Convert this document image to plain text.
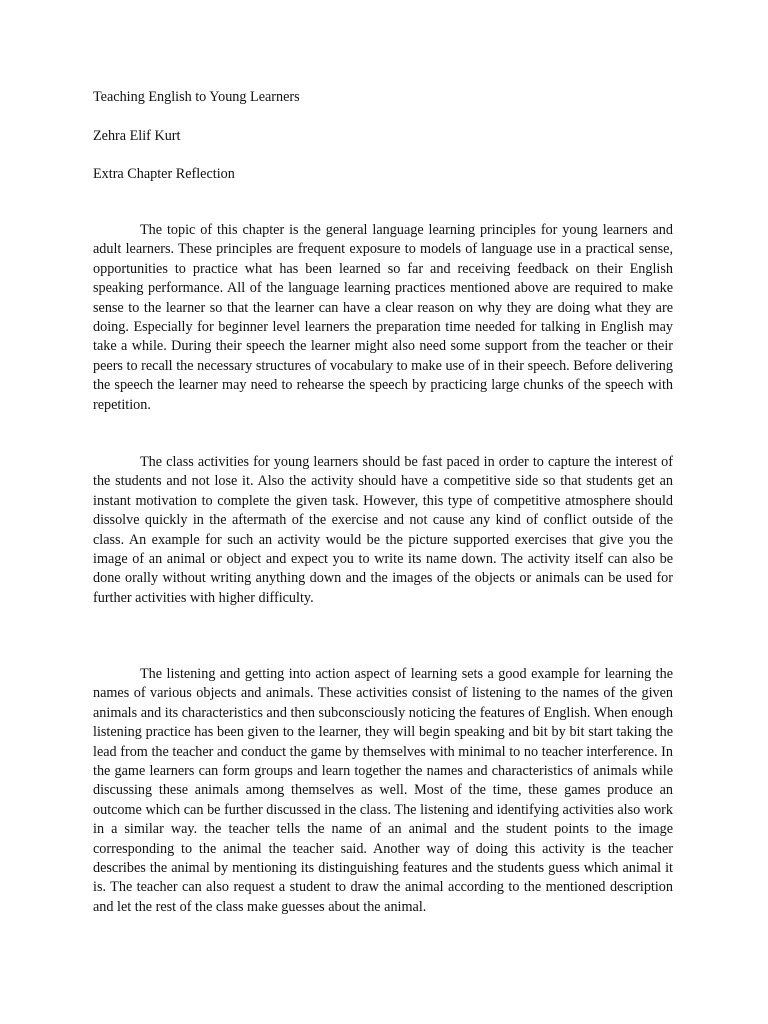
Teaching English to Young Learners
Zehra Elif Kurt
Extra Chapter Reflection

The topic of this chapter is the general language learning principles for young learners and adult learners. These principles are frequent exposure to models of language use in a practical sense, opportunities to practice what has been learned so far and receiving feedback on their English speaking performance. All of the language learning practices mentioned above are required to make sense to the learner so that the learner can have a clear reason on why they are doing what they are doing. Especially for beginner level learners the preparation time needed for talking in English may take a while. During their speech the learner might also need some support from the teacher or their peers to recall the necessary structures of vocabulary to make use of in their speech. Before delivering the speech the learner may need to rehearse the speech by practicing large chunks of the speech with repetition.

The class activities for young learners should be fast paced in order to capture the interest of the students and not lose it. Also the activity should have a competitive side so that students get an instant motivation to complete the given task. However, this type of competitive atmosphere should dissolve quickly in the aftermath of the exercise and not cause any kind of conflict outside of the class. An example for such an activity would be the picture supported exercises that give you the image of an animal or object and expect you to write its name down. The activity itself can also be done orally without writing anything down and the images of the objects or animals can be used for further activities with higher difficulty.

The listening and getting into action aspect of learning sets a good example for learning the names of various objects and animals. These activities consist of listening to the names of the given animals and its characteristics and then subconsciously noticing the features of English. When enough listening practice has been given to the learner, they will begin speaking and bit by bit start taking the lead from the teacher and conduct the game by themselves with minimal to no teacher interference. In the game learners can form groups and learn together the names and characteristics of animals while discussing these animals among themselves as well. Most of the time, these games produce an outcome which can be further discussed in the class. The listening and identifying activities also work in a similar way. the teacher tells the name of an animal and the student points to the image corresponding to the animal the teacher said. Another way of doing this activity is the teacher describes the animal by mentioning its distinguishing features and the students guess which animal it is. The teacher can also request a student to draw the animal according to the mentioned description and let the rest of the class make guesses about the animal.
